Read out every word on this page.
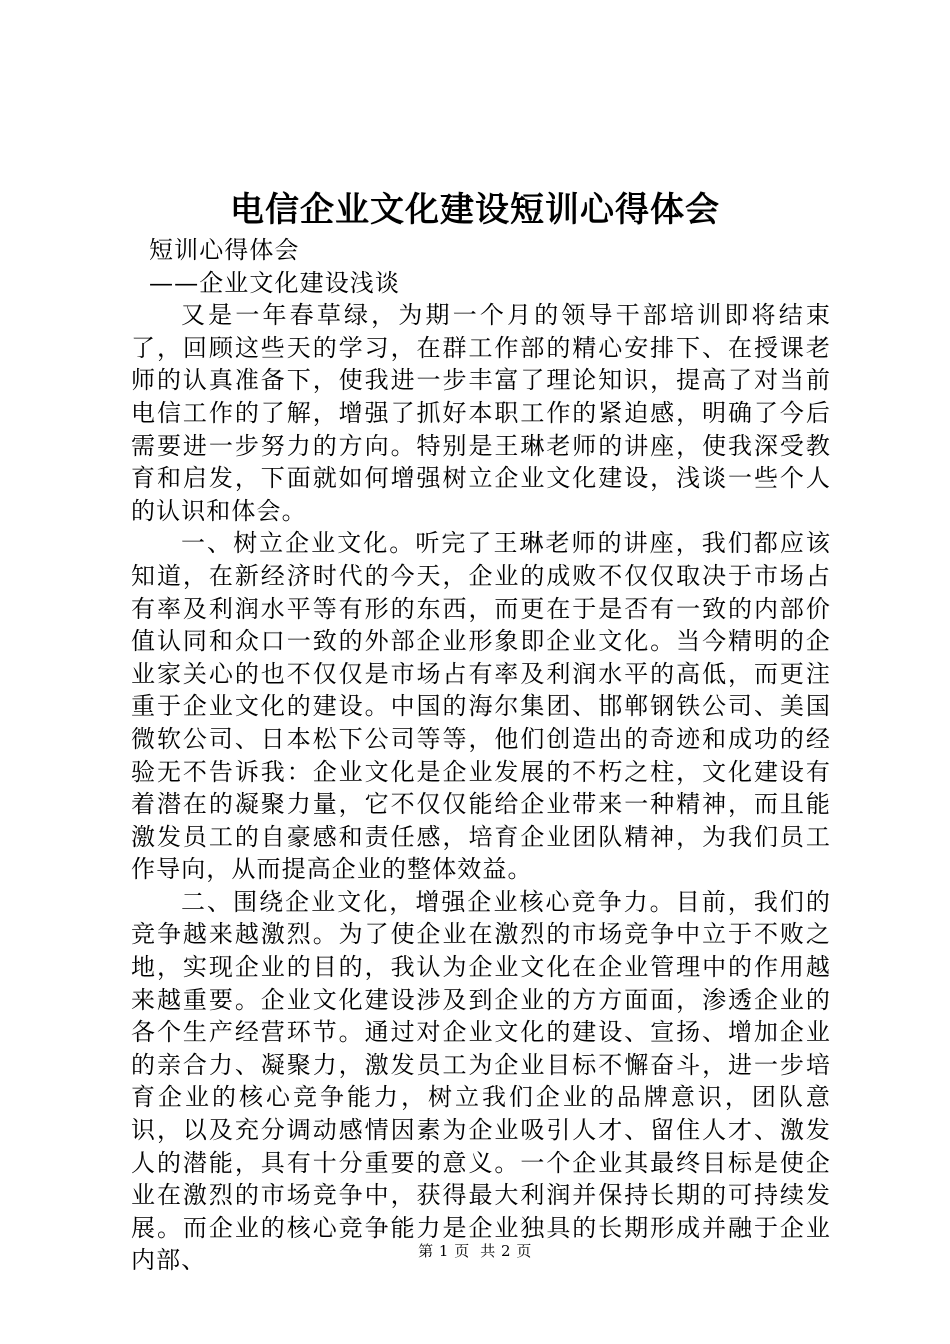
电信企业文化建设短训心得体会

短训心得体会

——企业文化建设浅谈

又是一年春草绿，为期一个月的领导干部培训即将结束了，回顾这些天的学习，在群工作部的精心安排下、在授课老师的认真准备下，使我进一步丰富了理论知识，提高了对当前电信工作的了解，增强了抓好本职工作的紧迫感，明确了今后需要进一步努力的方向。特别是王琳老师的讲座，使我深受教育和启发，下面就如何增强树立企业文化建设，浅谈一些个人的认识和体会。

一、树立企业文化。听完了王琳老师的讲座，我们都应该知道，在新经济时代的今天，企业的成败不仅仅取决于市场占有率及利润水平等有形的东西，而更在于是否有一致的内部价值认同和众口一致的外部企业形象即企业文化。当今精明的企业家关心的也不仅仅是市场占有率及利润水平的高低，而更注重于企业文化的建设。中国的海尔集团、邯郸钢铁公司、美国微软公司、日本松下公司等等，他们创造出的奇迹和成功的经验无不告诉我：企业文化是企业发展的不朽之柱，文化建设有着潜在的凝聚力量，它不仅仅能给企业带来一种精神，而且能激发员工的自豪感和责任感，培育企业团队精神，为我们员工作导向，从而提高企业的整体效益。

二、围绕企业文化，增强企业核心竞争力。目前，我们的竞争越来越激烈。为了使企业在激烈的市场竞争中立于不败之地，实现企业的目的，我认为企业文化在企业管理中的作用越来越重要。企业文化建设涉及到企业的方方面面，渗透企业的各个生产经营环节。通过对企业文化的建设、宣扬、增加企业的亲合力、凝聚力，激发员工为企业目标不懈奋斗，进一步培育企业的核心竞争能力，树立我们企业的品牌意识，团队意识，以及充分调动感情因素为企业吸引人才、留住人才、激发人的潜能，具有十分重要的意义。一个企业其最终目标是使企业在激烈的市场竞争中，获得最大利润并保持长期的可持续发展。而企业的核心竞争能力是企业独具的长期形成并融于企业内部、	第 1 页  共 2 页
